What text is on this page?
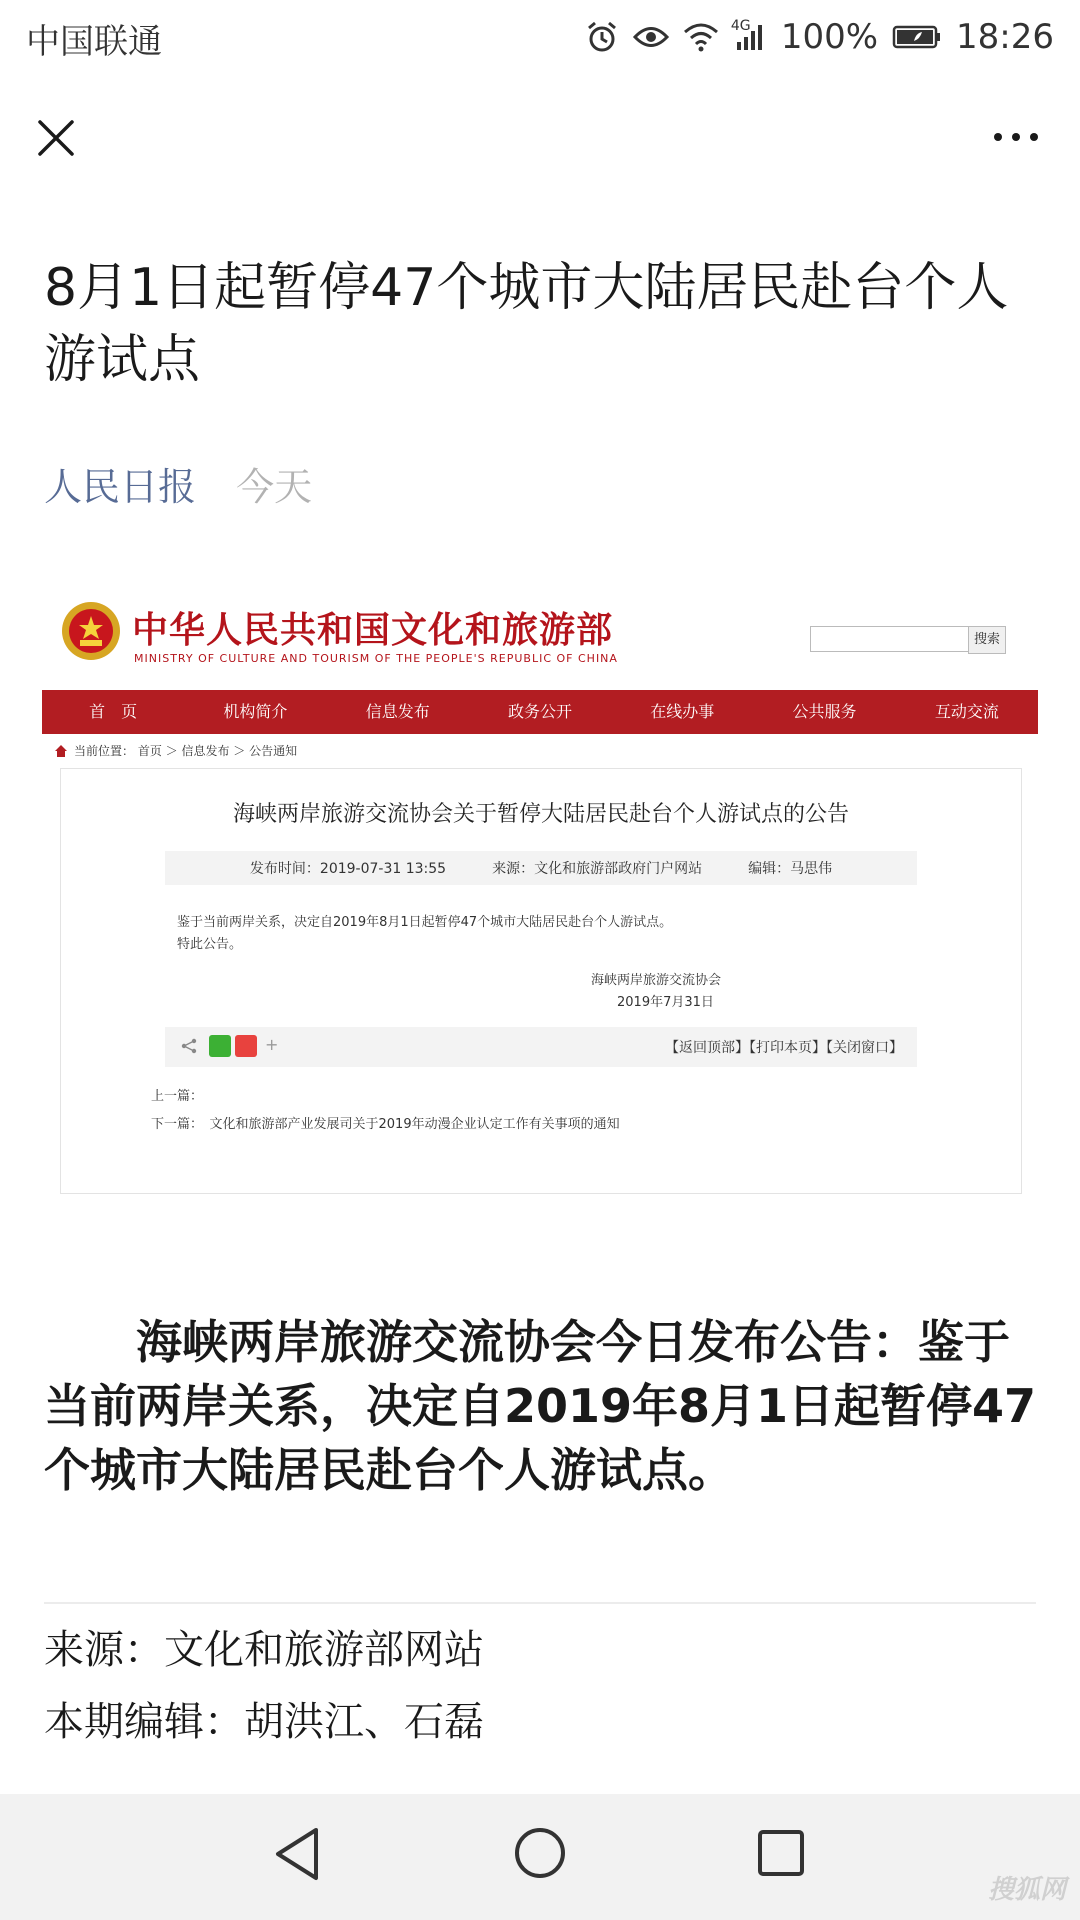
中国联通	4G 100% 18:26
8月1日起暂停47个城市大陆居民赴台个人游试点
人民日报 今天
中华人民共和国文化和旅游部
MINISTRY OF CULTURE AND TOURISM OF THE PEOPLE'S REPUBLIC OF CHINA
搜索
首　页	机构简介	信息发布	政务公开	在线办事	公共服务	互动交流
当前位置： 首页 ＞ 信息发布 ＞ 公告通知
海峡两岸旅游交流协会关于暂停大陆居民赴台个人游试点的公告
发布时间：2019-07-31 13:55	来源：文化和旅游部政府门户网站	编辑：马思伟
鉴于当前两岸关系，决定自2019年8月1日起暂停47个城市大陆居民赴台个人游试点。
特此公告。
海峡两岸旅游交流协会
2019年7月31日
+	【返回顶部】【打印本页】【关闭窗口】
上一篇：
下一篇：　文化和旅游部产业发展司关于2019年动漫企业认定工作有关事项的通知

海峡两岸旅游交流协会今日发布公告：鉴于当前两岸关系，决定自2019年8月1日起暂停47个城市大陆居民赴台个人游试点。

来源：文化和旅游部网站
本期编辑：胡洪江、石磊
搜狐网
